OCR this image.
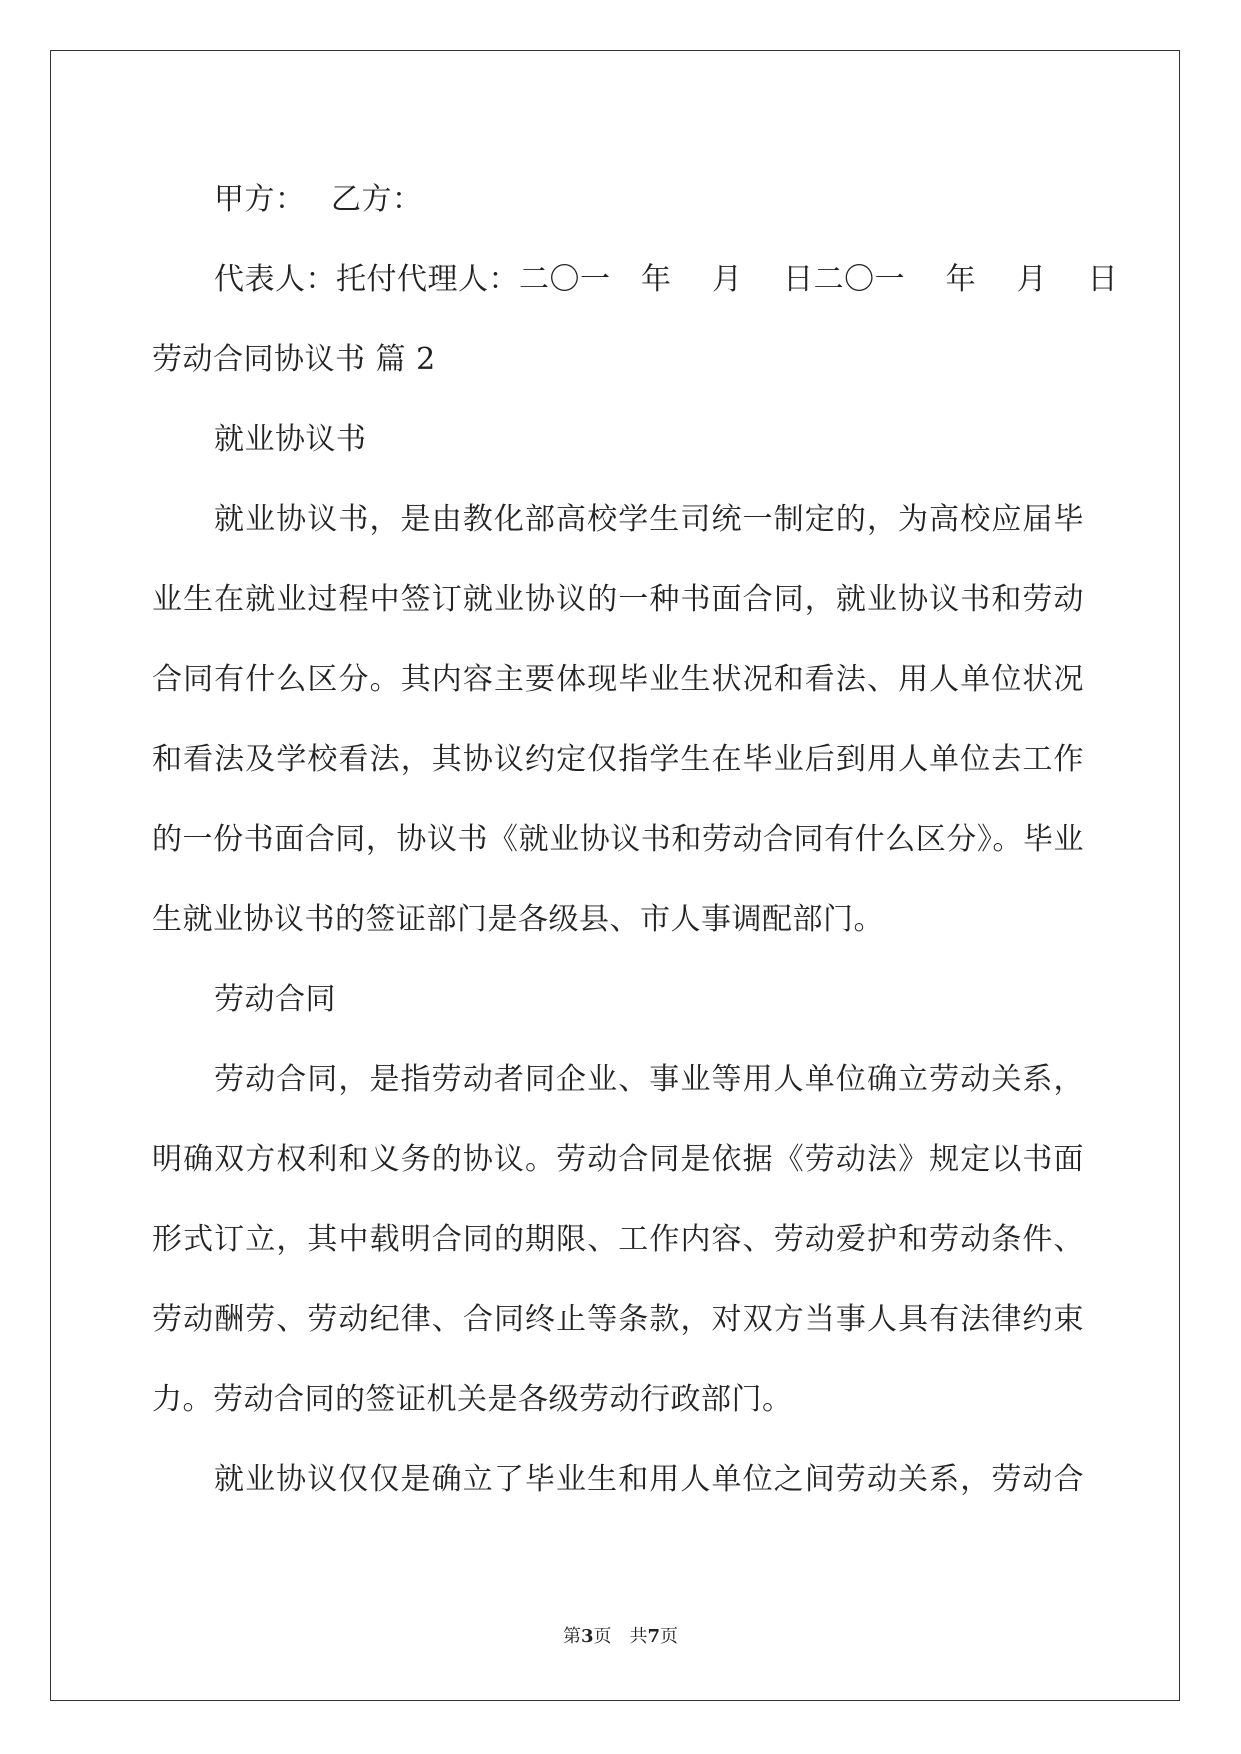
甲方：　 乙方：
代表人：托付代理人：二〇一　年　 月　 日二〇一　 年　 月　 日
劳动合同协议书 篇 2
就业协议书
就业协议书，是由教化部高校学生司统一制定的，为高校应届毕
业生在就业过程中签订就业协议的一种书面合同，就业协议书和劳动
合同有什么区分。其内容主要体现毕业生状况和看法、用人单位状况
和看法及学校看法，其协议约定仅指学生在毕业后到用人单位去工作
的一份书面合同，协议书《就业协议书和劳动合同有什么区分》。毕业
生就业协议书的签证部门是各级县、市人事调配部门。
劳动合同
劳动合同，是指劳动者同企业、事业等用人单位确立劳动关系，
明确双方权利和义务的协议。劳动合同是依据《劳动法》规定以书面
形式订立，其中载明合同的期限、工作内容、劳动爱护和劳动条件、
劳动酬劳、劳动纪律、合同终止等条款，对双方当事人具有法律约束
力。劳动合同的签证机关是各级劳动行政部门。
就业协议仅仅是确立了毕业生和用人单位之间劳动关系，劳动合
第3页　共7页
